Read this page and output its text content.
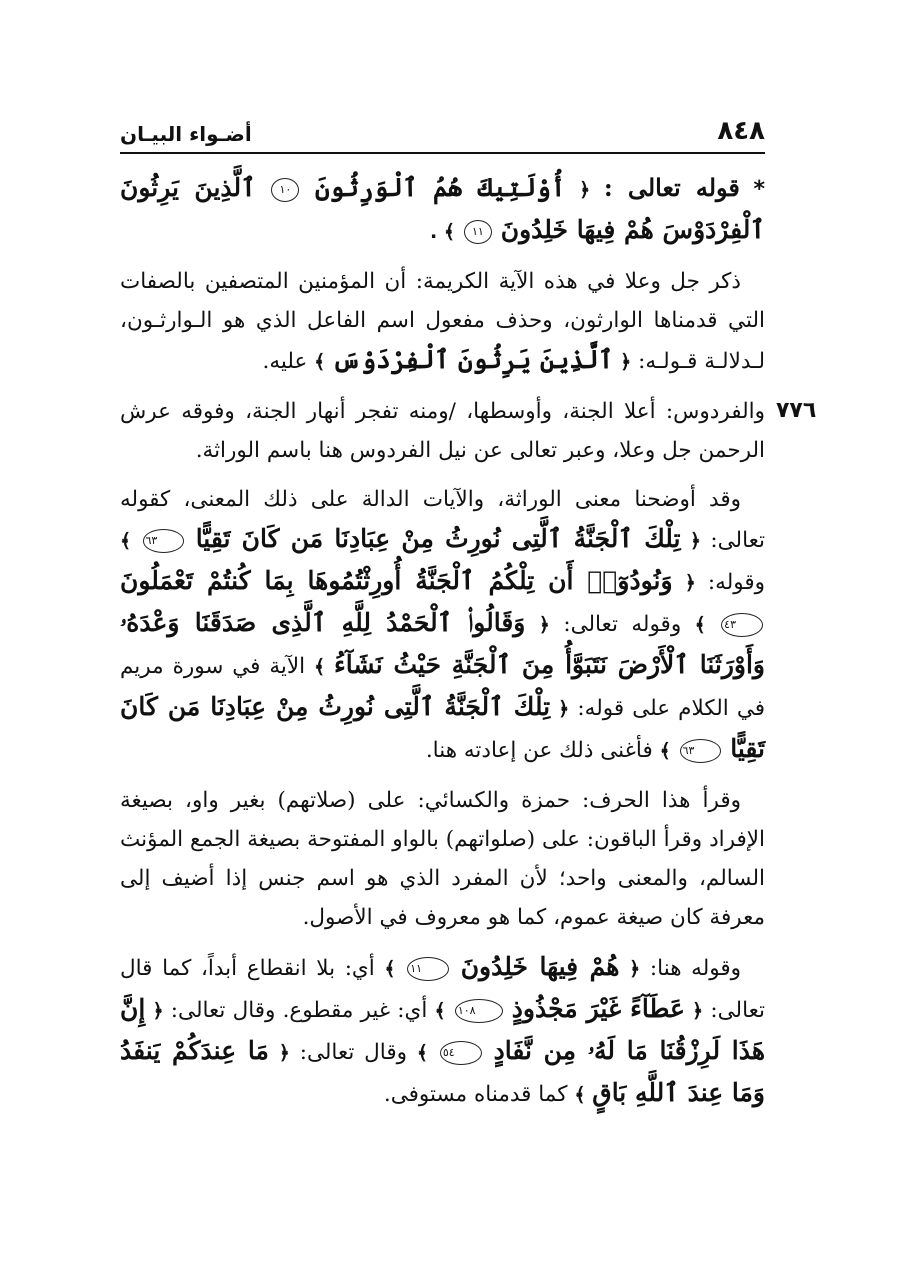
٨٤٨
أضـواء البيـان
٧٧٦

* قوله تعالى : ﴿ أُوْلَتِيكَ هُمُ ٱلْوَرِثُونَ ١٠ ٱلَّذِينَ يَرِثُونَ ٱلْفِرْدَوْسَ هُمْ فِيهَا خَلِدُونَ ١١ ﴾ .

ذكر جل وعلا في هذه الآية الكريمة: أن المؤمنين المتصفين بالصفات التي قدمناها الوارثون، وحذف مفعول اسم الفاعل الذي هو الـوارثـون، لـدلالـة قـولـه: ﴿ ٱلَّذِينَ يَرِثُونَ ٱلْفِرْدَوْسَ ﴾ عليه.

والفردوس: أعلا الجنة، وأوسطها، /ومنه تفجر أنهار الجنة، وفوقه عرش الرحمن جل وعلا، وعبر تعالى عن نيل الفردوس هنا باسم الوراثة.

وقد أوضحنا معنى الوراثة، والآيات الدالة على ذلك المعنى، كقوله تعالى: ﴿ تِلْكَ ٱلْجَنَّةُ ٱلَّتِى نُورِثُ مِنْ عِبَادِنَا مَن كَانَ تَقِيًّا ٦٣ ﴾ وقوله: ﴿ وَنُودُوٓا۟ أَن تِلْكُمُ ٱلْجَنَّةُ أُورِثْتُمُوهَا بِمَا كُنتُمْ تَعْمَلُونَ ٤٣ ﴾ وقوله تعالى: ﴿ وَقَالُوا۟ ٱلْحَمْدُ لِلَّهِ ٱلَّذِى صَدَقَنَا وَعْدَهُۥ وَأَوْرَثَنَا ٱلْأَرْضَ نَتَبَوَّأُ مِنَ ٱلْجَنَّةِ حَيْثُ نَشَآءُ ﴾ الآية في سورة مريم في الكلام على قوله: ﴿ تِلْكَ ٱلْجَنَّةُ ٱلَّتِى نُورِثُ مِنْ عِبَادِنَا مَن كَانَ تَقِيًّا ٦٣ ﴾ فأغنى ذلك عن إعادته هنا.

وقرأ هذا الحرف: حمزة والكسائي: على (صلاتهم) بغير واو، بصيغة الإفراد وقرأ الباقون: على (صلواتهم) بالواو المفتوحة بصيغة الجمع المؤنث السالم، والمعنى واحد؛ لأن المفرد الذي هو اسم جنس إذا أضيف إلى معرفة كان صيغة عموم، كما هو معروف في الأصول.

وقوله هنا: ﴿ هُمْ فِيهَا خَلِدُونَ ١١ ﴾ أي: بلا انقطاع أبداً، كما قال تعالى: ﴿ عَطَآءً غَيْرَ مَجْذُوذٍ ١٠٨ ﴾ أي: غير مقطوع. وقال تعالى: ﴿ إِنَّ هَذَا لَرِزْقُنَا مَا لَهُۥ مِن نَّفَادٍ ٥٤ ﴾ وقال تعالى: ﴿ مَا عِندَكُمْ يَنفَدُ وَمَا عِندَ ٱللَّهِ بَاقٍ ﴾ كما قدمناه مستوفى.
